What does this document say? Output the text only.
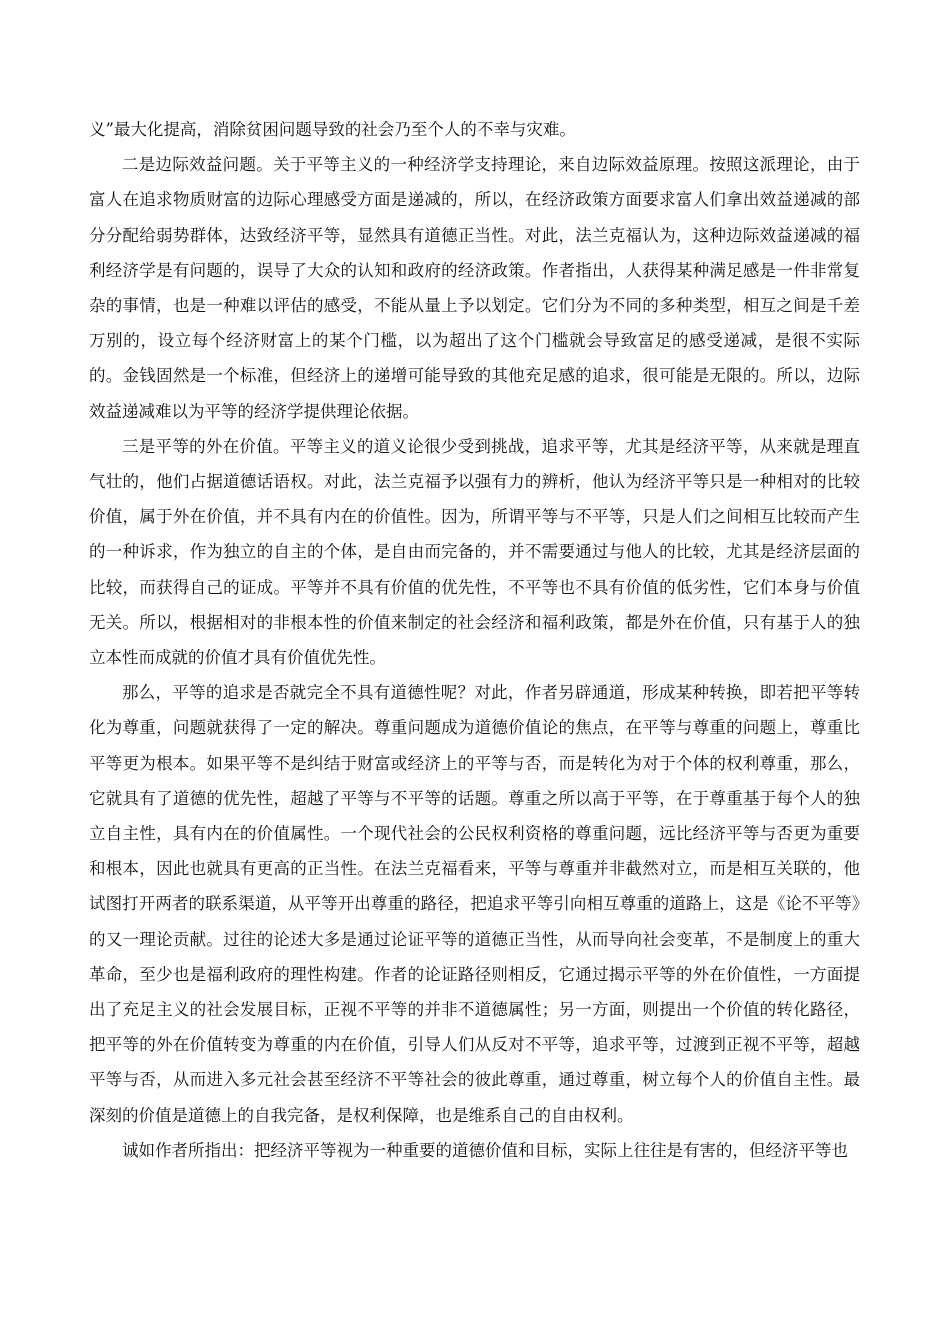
义”最大化提高，消除贫困问题导致的社会乃至个人的不幸与灾难。

二是边际效益问题。关于平等主义的一种经济学支持理论，来自边际效益原理。按照这派理论，由于富人在追求物质财富的边际心理感受方面是递减的，所以，在经济政策方面要求富人们拿出效益递减的部分分配给弱势群体，达致经济平等，显然具有道德正当性。对此，法兰克福认为，这种边际效益递减的福利经济学是有问题的，误导了大众的认知和政府的经济政策。作者指出，人获得某种满足感是一件非常复杂的事情，也是一种难以评估的感受，不能从量上予以划定。它们分为不同的多种类型，相互之间是千差万别的，设立每个经济财富上的某个门槛，以为超出了这个门槛就会导致富足的感受递减，是很不实际的。金钱固然是一个标准，但经济上的递增可能导致的其他充足感的追求，很可能是无限的。所以，边际效益递减难以为平等的经济学提供理论依据。

三是平等的外在价值。平等主义的道义论很少受到挑战，追求平等，尤其是经济平等，从来就是理直气壮的，他们占据道德话语权。对此，法兰克福予以强有力的辨析，他认为经济平等只是一种相对的比较价值，属于外在价值，并不具有内在的价值性。因为，所谓平等与不平等，只是人们之间相互比较而产生的一种诉求，作为独立的自主的个体，是自由而完备的，并不需要通过与他人的比较，尤其是经济层面的比较，而获得自己的证成。平等并不具有价值的优先性，不平等也不具有价值的低劣性，它们本身与价值无关。所以，根据相对的非根本性的价值来制定的社会经济和福利政策，都是外在价值，只有基于人的独立本性而成就的价值才具有价值优先性。

那么，平等的追求是否就完全不具有道德性呢？对此，作者另辟通道，形成某种转换，即若把平等转化为尊重，问题就获得了一定的解决。尊重问题成为道德价值论的焦点，在平等与尊重的问题上，尊重比平等更为根本。如果平等不是纠结于财富或经济上的平等与否，而是转化为对于个体的权利尊重，那么，它就具有了道德的优先性，超越了平等与不平等的话题。尊重之所以高于平等，在于尊重基于每个人的独立自主性，具有内在的价值属性。一个现代社会的公民权利资格的尊重问题，远比经济平等与否更为重要和根本，因此也就具有更高的正当性。在法兰克福看来，平等与尊重并非截然对立，而是相互关联的，他试图打开两者的联系渠道，从平等开出尊重的路径，把追求平等引向相互尊重的道路上，这是《论不平等》的又一理论贡献。过往的论述大多是通过论证平等的道德正当性，从而导向社会变革，不是制度上的重大革命，至少也是福利政府的理性构建。作者的论证路径则相反，它通过揭示平等的外在价值性，一方面提出了充足主义的社会发展目标，正视不平等的并非不道德属性；另一方面，则提出一个价值的转化路径，把平等的外在价值转变为尊重的内在价值，引导人们从反对不平等，追求平等，过渡到正视不平等，超越平等与否，从而进入多元社会甚至经济不平等社会的彼此尊重，通过尊重，树立每个人的价值自主性。最深刻的价值是道德上的自我完备，是权利保障，也是维系自己的自由权利。

诚如作者所指出：把经济平等视为一种重要的道德价值和目标，实际上往往是有害的，但经济平等也
